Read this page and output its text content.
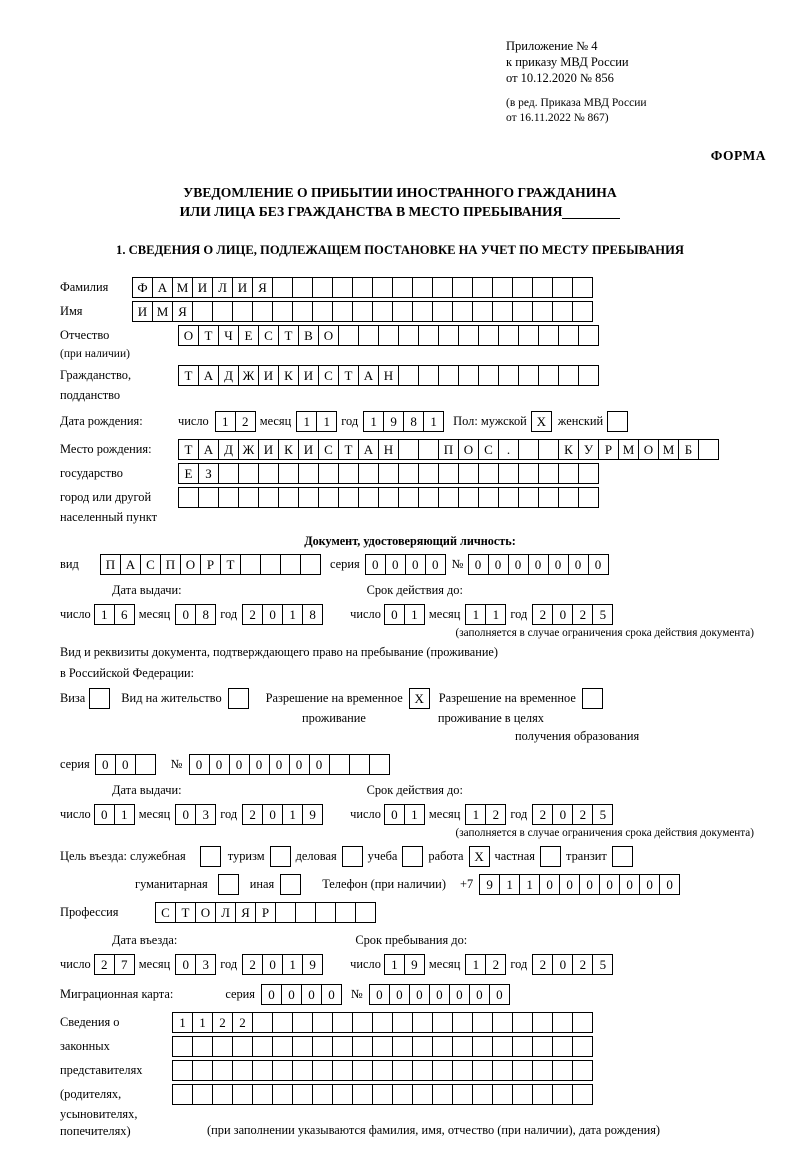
Приложение № 4
к приказу МВД России
от 10.12.2020 № 856
(в ред. Приказа МВД России
от 16.11.2022 № 867)
ФОРМА
УВЕДОМЛЕНИЕ О ПРИБЫТИИ ИНОСТРАННОГО ГРАЖДАНИНА
ИЛИ ЛИЦА БЕЗ ГРАЖДАНСТВА В МЕСТО ПРЕБЫВАНИЯ
1. СВЕДЕНИЯ О ЛИЦЕ, ПОДЛЕЖАЩЕМ ПОСТАНОВКЕ НА УЧЕТ ПО МЕСТУ ПРЕБЫВАНИЯ
Фамилия	Ф А М И Л И Я
Имя	И М Я
Отчество	О Т Ч Е С Т В О
(при наличии)
Гражданство,	Т А Д Ж И К И С Т А Н
подданство
Дата рождения:	число	1	2 месяц 1	1 год 1	9	8	1	Пол: мужской X женский
Место рождения:	Т А Д Ж И К И С Т А Н	П О С	.	К У Р М О М Б
государство	Е З
город или другой
населенный пункт
Документ, удостоверяющий личность:
вид	П А С П О Р Т	серия 0	0	0	0	№ 0	0	0	0	0	0	0
Дата выдачи:	Срок действия до:
число 1	6 месяц 0	8 год 2	0	1	8	число 0	1 месяц 1	1 год 2	0	2	5
(заполняется в случае ограничения срока действия документа)
Вид и реквизиты документа, подтверждающего право на пребывание (проживание)
в Российской Федерации:
Виза	Вид на жительство	Разрешение на временное X	Разрешение на временное
проживание	проживание в целях
получения образования
серия 0	0	№	0	0	0	0	0	0	0
Дата выдачи:	Срок действия до:
число 0	1 месяц 0	3 год 2	0	1	9	число 0	1 месяц 1	2 год 2	0	2	5
(заполняется в случае ограничения срока действия документа)
Цель въезда: служебная	туризм	деловая	учеба	работа X частная	транзит
гуманитарная	иная	Телефон (при наличии) +7	9	1	1	0	0	0	0	0	0	0
Профессия	С Т О Л Я Р
Дата въезда:	Срок пребывания до:
число 2	7 месяц 0	3 год 2	0	1	9	число 1	9 месяц 1	2 год 2	0	2	5
Миграционная карта:	серия	0	0	0	0	№	0	0	0	0	0	0	0
Сведения о	1	1	2	2
законных
представителях
(родителях,
усыновителях,
попечителях)	(при заполнении указываются фамилия, имя, отчество (при наличии), дата рождения)
